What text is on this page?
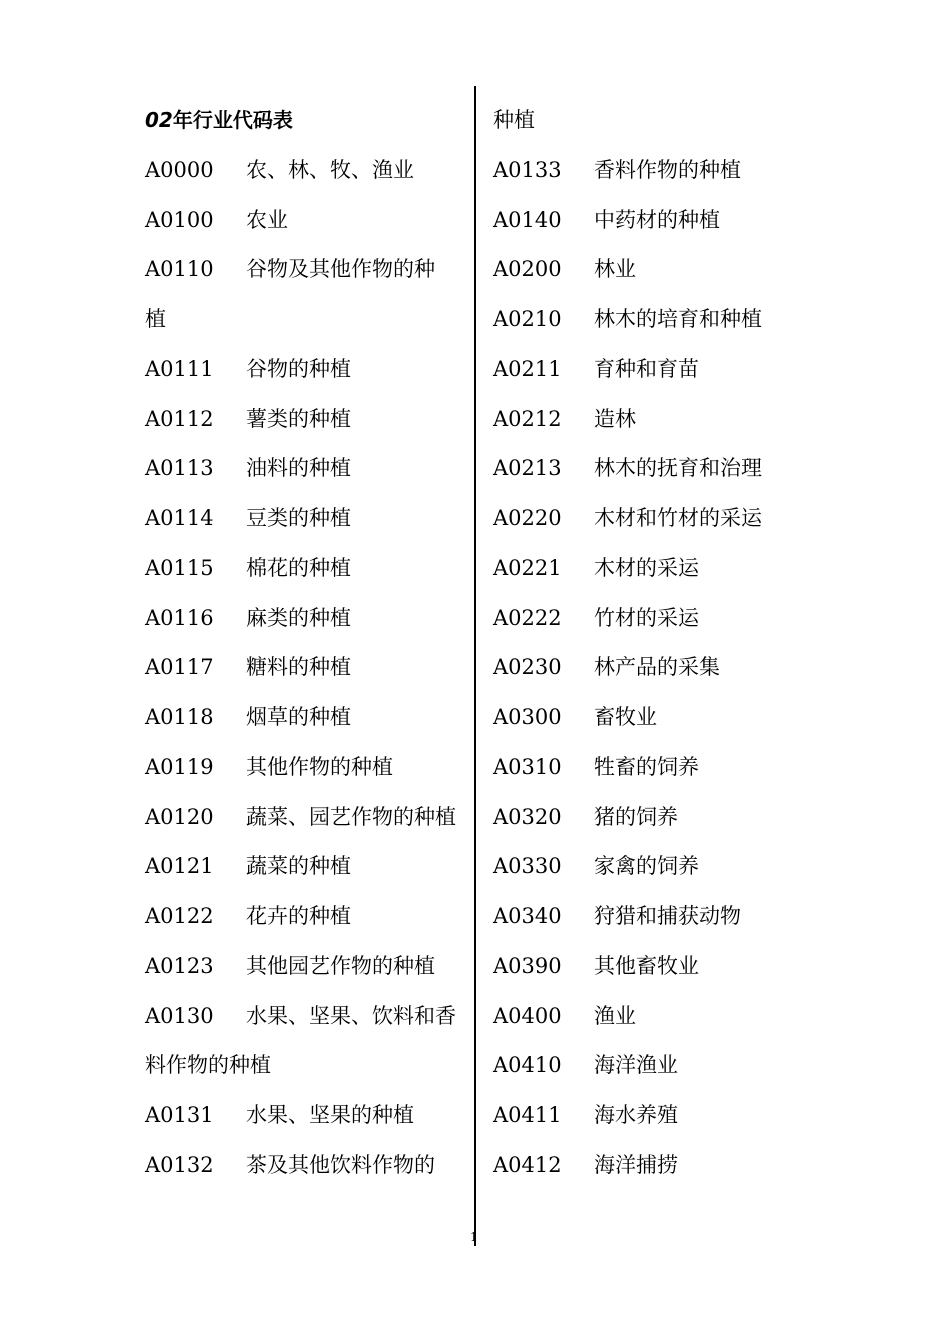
02年行业代码表
A0000 农、林、牧、渔业
A0100 农业
A0110 谷物及其他作物的种
植
A0111 谷物的种植
A0112 薯类的种植
A0113 油料的种植
A0114 豆类的种植
A0115 棉花的种植
A0116 麻类的种植
A0117 糖料的种植
A0118 烟草的种植
A0119 其他作物的种植
A0120 蔬菜、园艺作物的种植
A0121 蔬菜的种植
A0122 花卉的种植
A0123 其他园艺作物的种植
A0130 水果、坚果、饮料和香
料作物的种植
A0131 水果、坚果的种植
A0132 茶及其他饮料作物的
种植
A0133 香料作物的种植
A0140 中药材的种植
A0200 林业
A0210 林木的培育和种植
A0211 育种和育苗
A0212 造林
A0213 林木的抚育和治理
A0220 木材和竹材的采运
A0221 木材的采运
A0222 竹材的采运
A0230 林产品的采集
A0300 畜牧业
A0310 牲畜的饲养
A0320 猪的饲养
A0330 家禽的饲养
A0340 狩猎和捕获动物
A0390 其他畜牧业
A0400 渔业
A0410 海洋渔业
A0411 海水养殖
A0412 海洋捕捞
1
